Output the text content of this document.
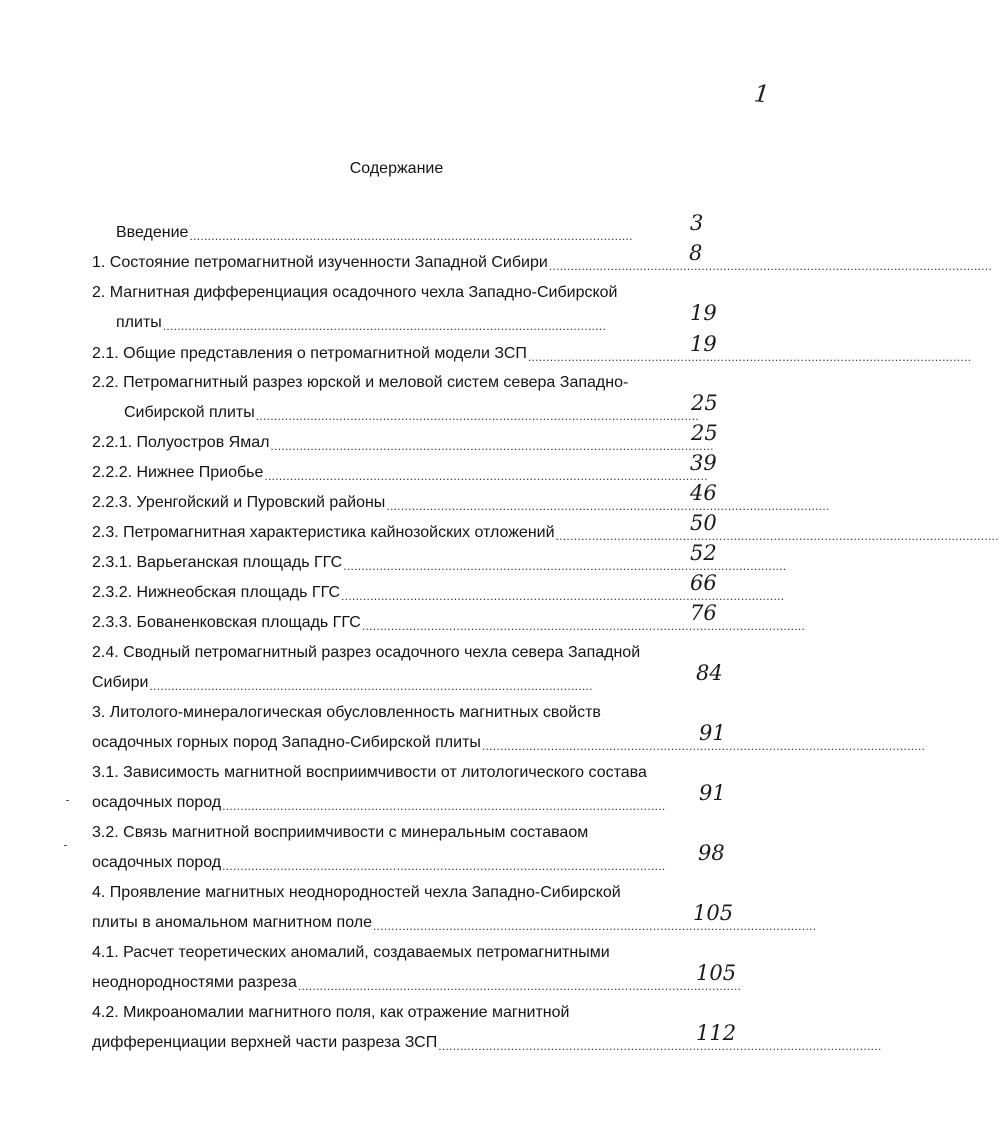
1
Содержание
Введение ..........................................................................................................................
3
1. Состояние петромагнитной изученности Западной Сибири ..........................................................................................................................
8
2. Магнитная дифференциация осадочного чехла Западно-Сибирской
плиты ..........................................................................................................................
19
2.1. Общие представления о петромагнитной модели ЗСП ..........................................................................................................................
19
2.2. Петромагнитный разрез юрской и меловой систем севера Западно-
Сибирской плиты ..........................................................................................................................
25
2.2.1. Полуостров Ямал ..........................................................................................................................
25
2.2.2. Нижнее Приобье ..........................................................................................................................
39
2.2.3. Уренгойский и Пуровский районы ..........................................................................................................................
46
2.3. Петромагнитная характеристика кайнозойских отложений ..........................................................................................................................
50
2.3.1. Варьеганская площадь ГГС ..........................................................................................................................
52
2.3.2. Нижнеобская площадь ГГС ..........................................................................................................................
66
2.3.3. Бованенковская площадь ГГС ..........................................................................................................................
76
2.4. Сводный петромагнитный разрез осадочного чехла севера Западной
Сибири ..........................................................................................................................
84
3. Литолого-минералогическая обусловленность магнитных свойств
осадочных горных пород Западно-Сибирской плиты ..........................................................................................................................
91
3.1. Зависимость магнитной восприимчивости от литологического состава
осадочных пород ..........................................................................................................................
91
3.2. Связь магнитной восприимчивости с минеральным составаом
осадочных пород ..........................................................................................................................
98
4. Проявление магнитных неоднородностей чехла Западно-Сибирской
плиты в аномальном магнитном поле ..........................................................................................................................
105
4.1. Расчет теоретических аномалий, создаваемых петромагнитными
неоднородностями разреза ..........................................................................................................................
105
4.2. Микроаномалии магнитного поля, как отражение магнитной
дифференциации верхней части разреза ЗСП ..........................................................................................................................
112
